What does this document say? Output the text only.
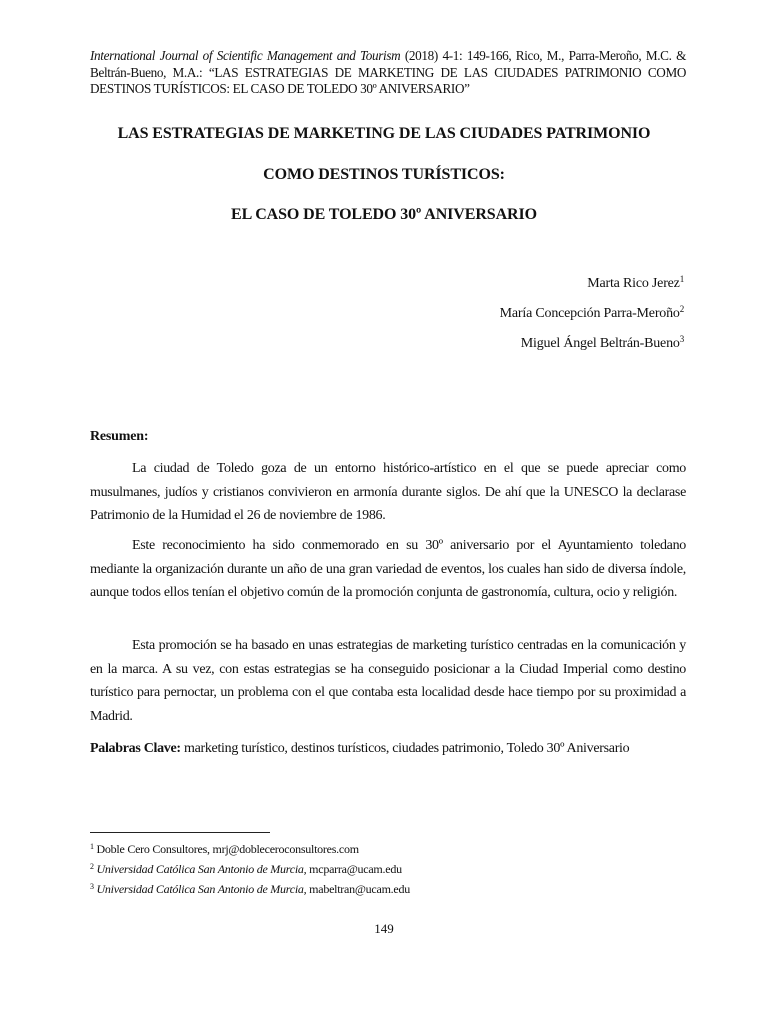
International Journal of Scientific Management and Tourism (2018) 4-1: 149-166, Rico, M., Parra-Meroño, M.C. & Beltrán-Bueno, M.A.: “LAS ESTRATEGIAS DE MARKETING DE LAS CIUDADES PATRIMONIO COMO DESTINOS TURÍSTICOS: EL CASO DE TOLEDO 30º ANIVERSARIO”
LAS ESTRATEGIAS DE MARKETING DE LAS CIUDADES PATRIMONIO
COMO DESTINOS TURÍSTICOS:
EL CASO DE TOLEDO 30º ANIVERSARIO
Marta Rico Jerez$^1$
María Concepción Parra-Meroño$^2$
Miguel Ángel Beltrán-Bueno$^3$
Resumen:

La ciudad de Toledo goza de un entorno histórico-artístico en el que se puede apreciar como musulmanes, judíos y cristianos convivieron en armonía durante siglos. De ahí que la UNESCO la declarase Patrimonio de la Humidad el 26 de noviembre de 1986.

Este reconocimiento ha sido conmemorado en su 30º aniversario por el Ayuntamiento toledano mediante la organización durante un año de una gran variedad de eventos, los cuales han sido de diversa índole, aunque todos ellos tenían el objetivo común de la promoción conjunta de gastronomía, cultura, ocio y religión.

Esta promoción se ha basado en unas estrategias de marketing turístico centradas en la comunicación y en la marca. A su vez, con estas estrategias se ha conseguido posicionar a la Ciudad Imperial como destino turístico para pernoctar, un problema con el que contaba esta localidad desde hace tiempo por su proximidad a Madrid.

Palabras Clave: marketing turístico, destinos turísticos, ciudades patrimonio, Toledo 30º Aniversario

$^1$ Doble Cero Consultores, mrj@dobleceroconsultores.com
$^2$ Universidad Católica San Antonio de Murcia, mcparra@ucam.edu
$^3$ Universidad Católica San Antonio de Murcia, mabeltran@ucam.edu
149
